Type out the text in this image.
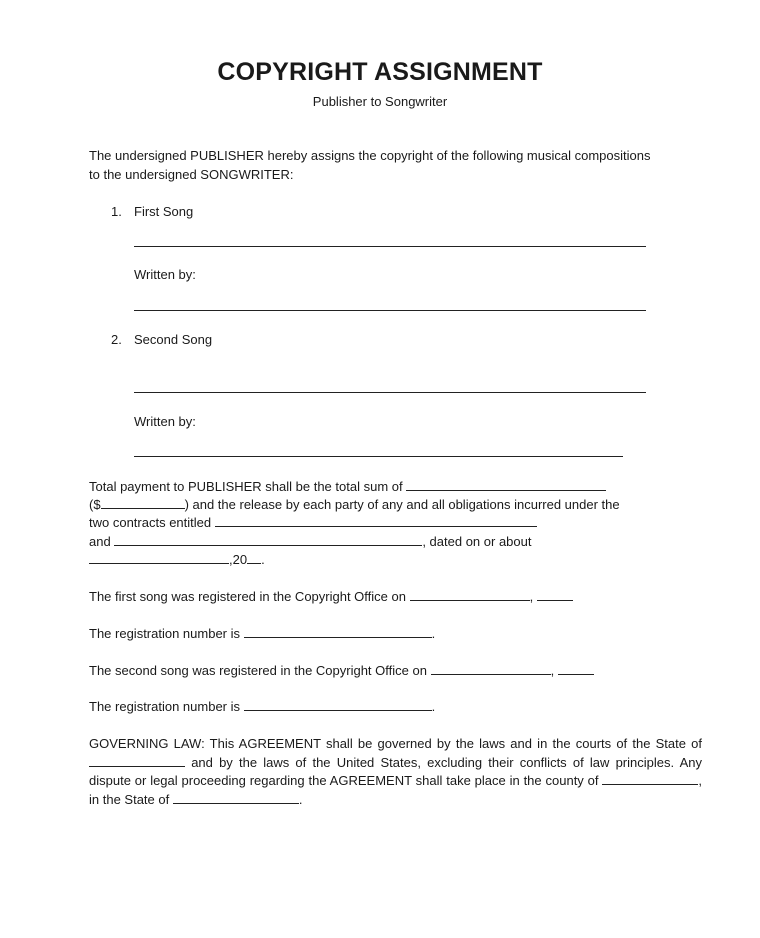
COPYRIGHT ASSIGNMENT
Publisher to Songwriter
The undersigned PUBLISHER hereby assigns the copyright of the following musical compositions
to the undersigned SONGWRITER:
1. First Song
Written by:
2. Second Song
Written by:
Total payment to PUBLISHER shall be the total sum of
($	) and the release by each party of any and all obligations incurred under the
two contracts entitled
and	, dated on or about
,20 .
The first song was registered in the Copyright Office on	,
The registration number is	.
The second song was registered in the Copyright Office on	,
The registration number is	.
GOVERNING LAW: This AGREEMENT shall be governed by the laws and in the courts of the State of  and by the laws of the United States, excluding their conflicts of law principles. Any dispute or legal proceeding regarding the AGREEMENT shall take place in the county of	, in the State of	.
